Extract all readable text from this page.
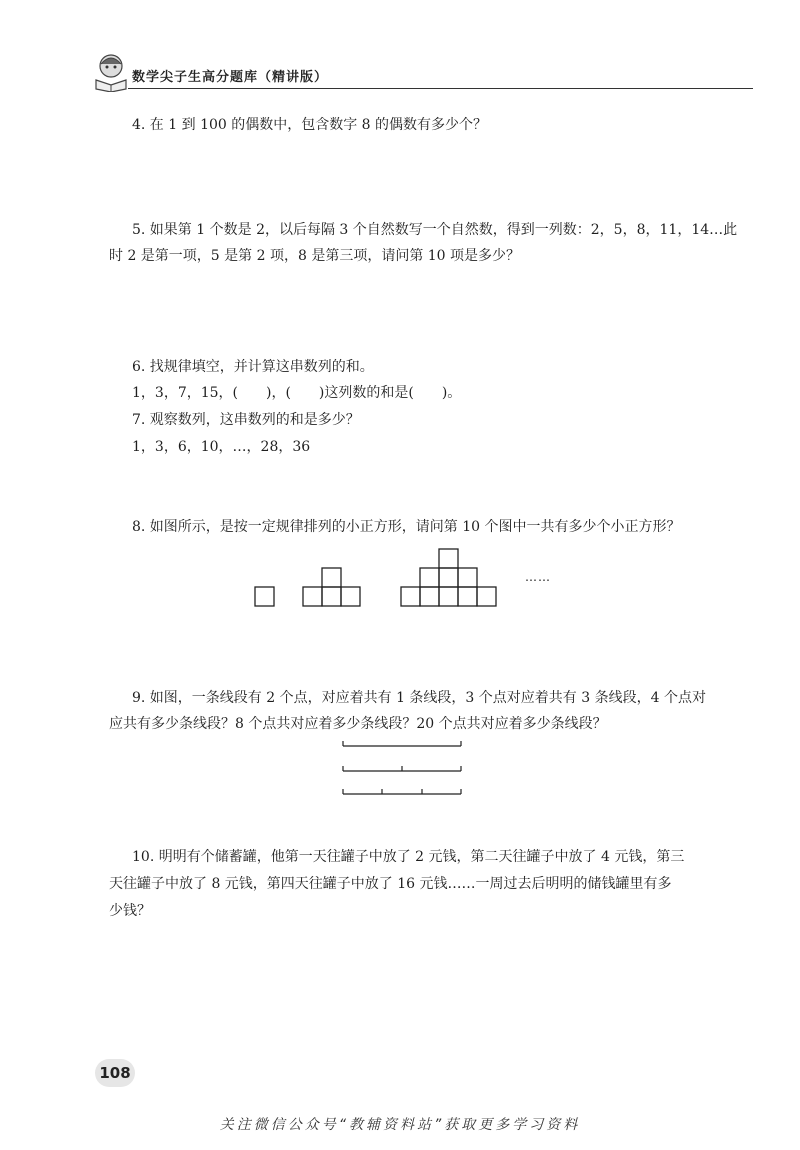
数学尖子生高分题库（精讲版）
4. 在 1 到 100 的偶数中，包含数字 8 的偶数有多少个？
5. 如果第 1 个数是 2，以后每隔 3 个自然数写一个自然数，得到一列数：2，5，8，11，14…此
时 2 是第一项，5 是第 2 项，8 是第三项，请问第 10 项是多少？
6. 找规律填空，并计算这串数列的和。
1，3，7，15，(　　)，(　　)这列数的和是(　　)。
7. 观察数列，这串数列的和是多少？
1，3，6，10，…，28，36
8. 如图所示，是按一定规律排列的小正方形，请问第 10 个图中一共有多少个小正方形？
……
9. 如图，一条线段有 2 个点，对应着共有 1 条线段，3 个点对应着共有 3 条线段，4 个点对
应共有多少条线段？8 个点共对应着多少条线段？20 个点共对应着多少条线段？
10. 明明有个储蓄罐，他第一天往罐子中放了 2 元钱，第二天往罐子中放了 4 元钱，第三
天往罐子中放了 8 元钱，第四天往罐子中放了 16 元钱……一周过去后明明的储钱罐里有多
少钱？
108
关注微信公众号“教辅资料站”获取更多学习资料
